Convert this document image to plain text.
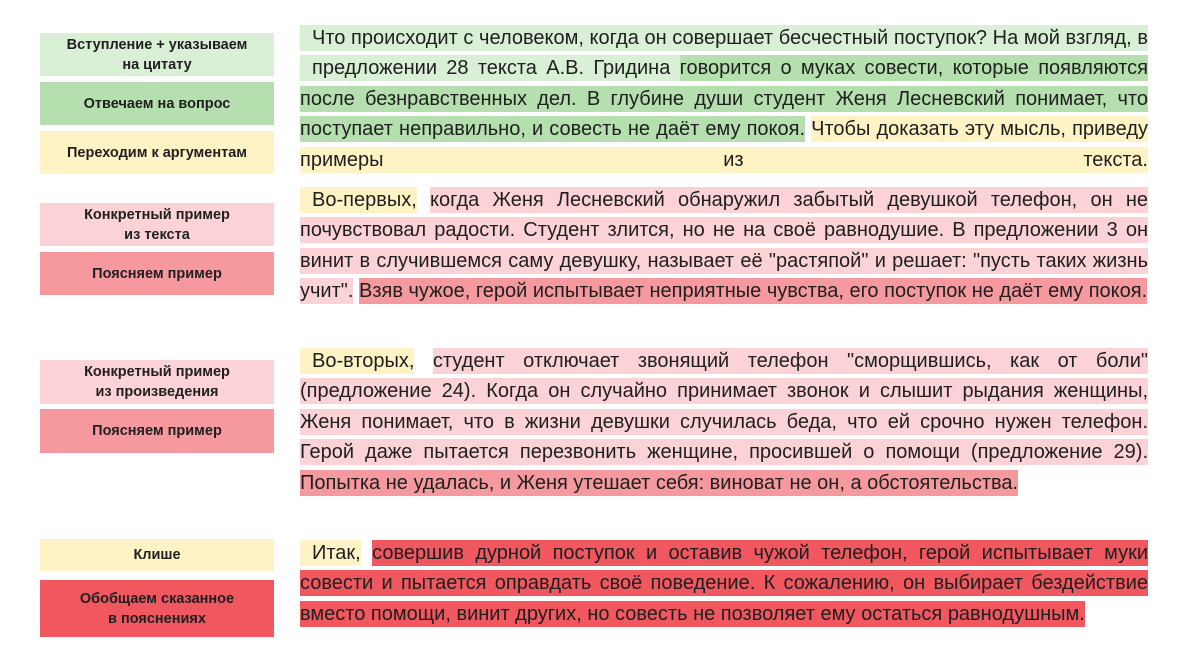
Вступление + указываем
на цитату
Отвечаем на вопрос
Переходим к аргументам
Конкретный пример
из текста
Поясняем пример
Конкретный пример
из произведения
Поясняем пример
Клише
Обобщаем сказанное
в пояснениях
Что происходит с человеком, когда он совершает бесчестный поступок? На мой взгляд, в предложении 28 текста А.В. Гридина говорится о муках совести, которые появляются после безнравственных дел. В глубине души студент Женя Лесневский понимает, что поступает неправильно, и совесть не даёт ему покоя. Чтобы доказать эту мысль, приведу примеры из текста.
Во-первых, когда Женя Лесневский обнаружил забытый девушкой телефон, он не почувствовал радости. Студент злится, но не на своё равнодушие. В предложении 3 он винит в случившемся саму девушку, называет её "растяпой" и решает: "пусть таких жизнь учит". Взяв чужое, герой испытывает неприятные чувства, его поступок не даёт ему покоя.
Во-вторых, студент отключает звонящий телефон "сморщившись, как от боли" (предложение 24). Когда он случайно принимает звонок и слышит рыдания женщины, Женя понимает, что в жизни девушки случилась беда, что ей срочно нужен телефон. Герой даже пытается перезвонить женщине, просившей о помощи (предложение 29). Попытка не удалась, и Женя утешает себя: виноват не он, а обстоятельства.
Итак, совершив дурной поступок и оставив чужой телефон, герой испытывает муки совести и пытается оправдать своё поведение. К сожалению, он выбирает бездействие вместо помощи, винит других, но совесть не позволяет ему остаться равнодушным.
